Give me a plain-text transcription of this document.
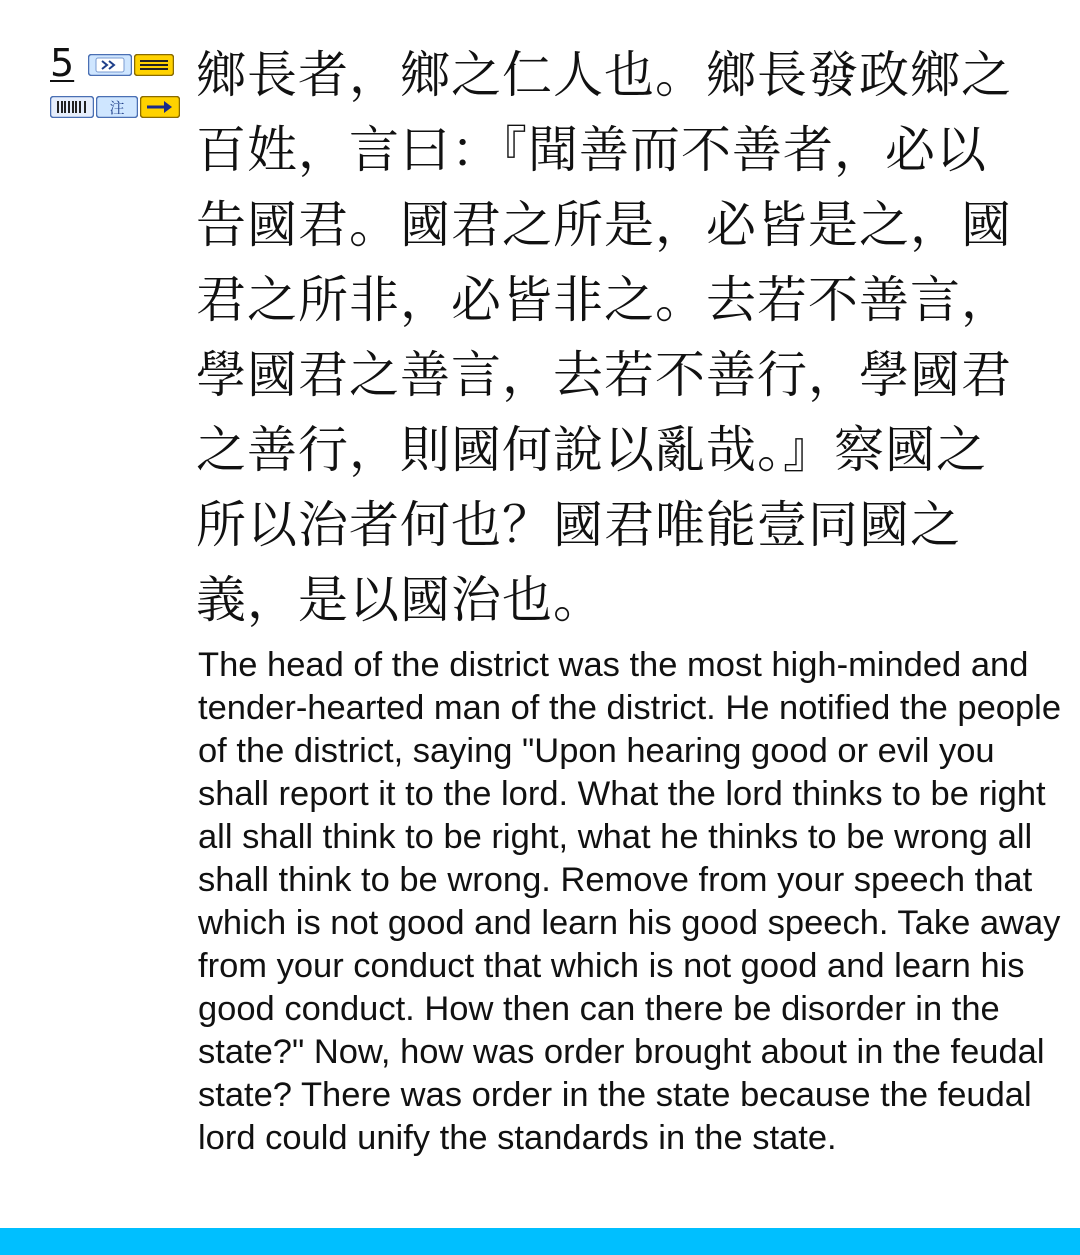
5
注
鄉長者，鄉之仁人也。鄉長發政鄉之百姓，言曰：『聞善而不善者，必以告國君。國君之所是，必皆是之，國君之所非，必皆非之。去若不善言，學國君之善言，去若不善行，學國君之善行，則國何說以亂哉。』察國之所以治者何也？國君唯能壹同國之義，是以國治也。
The head of the district was the most high-minded and tender-hearted man of the district. He notified the people of the district, saying "Upon hearing good or evil you shall report it to the lord. What the lord thinks to be right all shall think to be right, what he thinks to be wrong all shall think to be wrong. Remove from your speech that which is not good and learn his good speech. Take away from your conduct that which is not good and learn his good conduct. How then can there be disorder in the state?" Now, how was order brought about in the feudal state? There was order in the state because the feudal lord could unify the standards in the state.
